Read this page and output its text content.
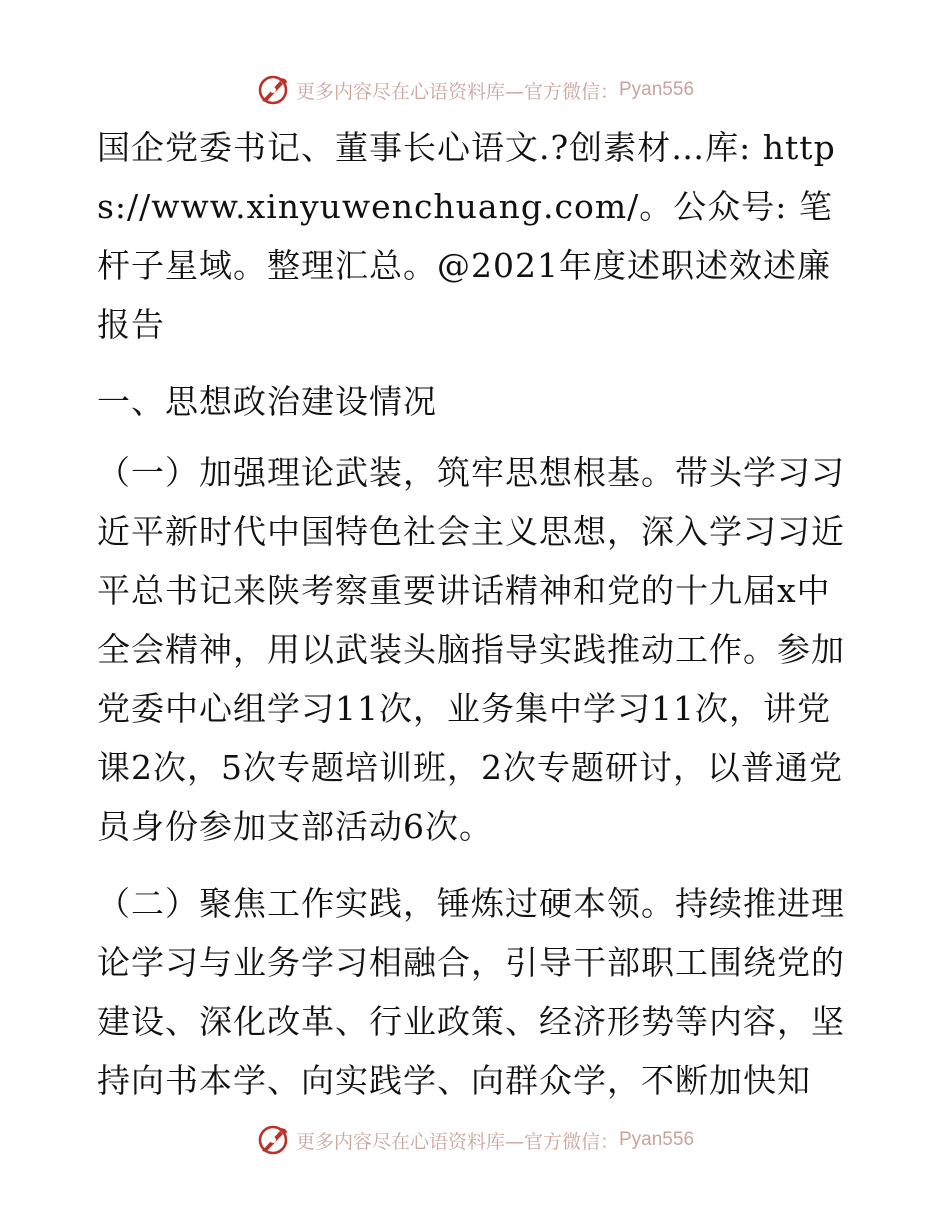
更多内容尽在心语资料库—官方微信： Pyan556

国企党委书记、董事长心语文.?创素材…库: https://www.xinyuwenchuang.com/。公众号: 笔杆子星域。整理汇总。@2021年度述职述效述廉报告

一、思想政治建设情况

（一）加强理论武装，筑牢思想根基。带头学习习近平新时代中国特色社会主义思想，深入学习习近平总书记来陕考察重要讲话精神和党的十九届x中全会精神，用以武装头脑指导实践推动工作。参加党委中心组学习11次，业务集中学习11次，讲党课2次，5次专题培训班，2次专题研讨，以普通党员身份参加支部活动6次。

（二）聚焦工作实践，锤炼过硬本领。持续推进理论学习与业务学习相融合，引导干部职工围绕党的建设、深化改革、行业政策、经济形势等内容，坚持向书本学、向实践学、向群众学，不断加快知

更多内容尽在心语资料库—官方微信： Pyan556
